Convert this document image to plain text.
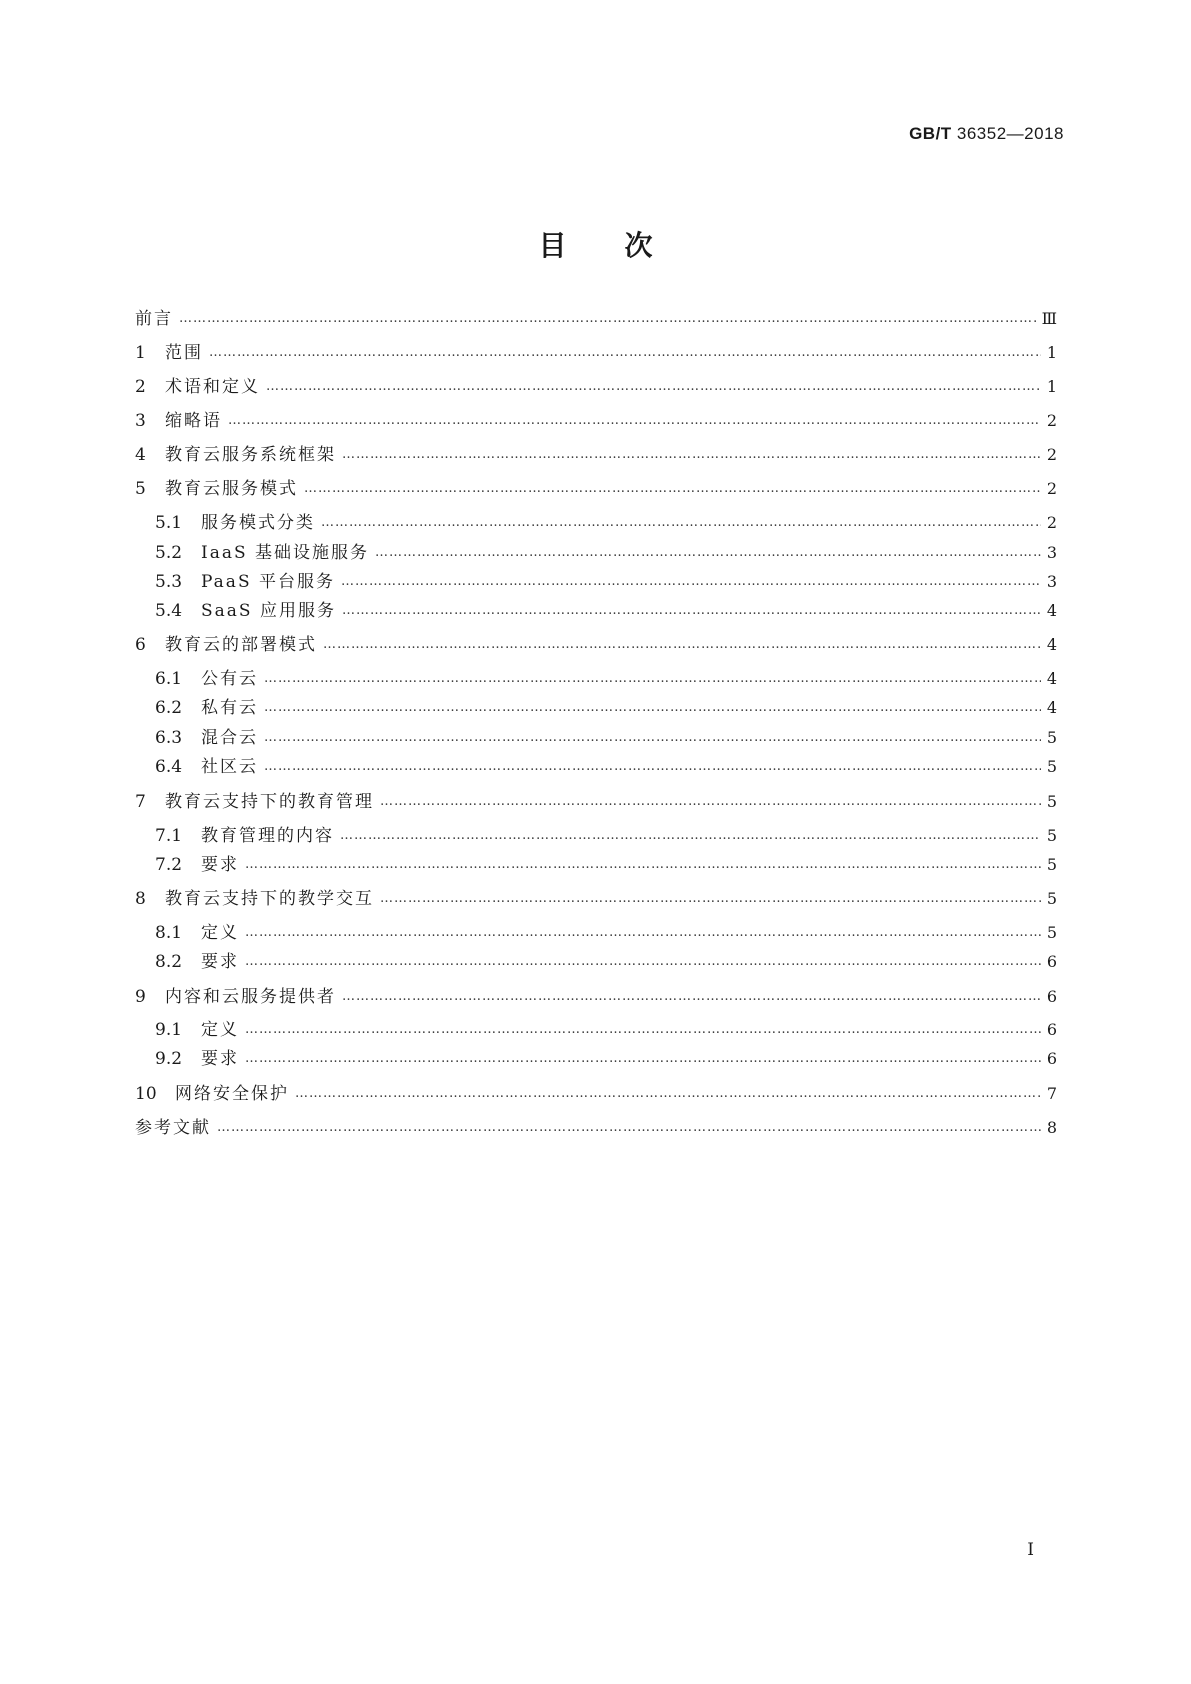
GB/T 36352—2018
目次
前言 …………………………………………………………………………………………………………………………………………………………………………………………………………………………………………………………………	Ⅲ
1	范围 …………………………………………………………………………………………………………………………………………………………………………………………………………………………………………………………………	1
2	术语和定义 …………………………………………………………………………………………………………………………………………………………………………………………………………………………………………………………………	1
3	缩略语 …………………………………………………………………………………………………………………………………………………………………………………………………………………………………………………………………	2
4	教育云服务系统框架 …………………………………………………………………………………………………………………………………………………………………………………………………………………………………………………………………	2
5	教育云服务模式 …………………………………………………………………………………………………………………………………………………………………………………………………………………………………………………………………	2
5.1	服务模式分类 …………………………………………………………………………………………………………………………………………………………………………………………………………………………………………………………………	2
5.2	IaaS 基础设施服务 …………………………………………………………………………………………………………………………………………………………………………………………………………………………………………………………………	3
5.3	PaaS 平台服务 …………………………………………………………………………………………………………………………………………………………………………………………………………………………………………………………………	3
5.4	SaaS 应用服务 …………………………………………………………………………………………………………………………………………………………………………………………………………………………………………………………………	4
6	教育云的部署模式 …………………………………………………………………………………………………………………………………………………………………………………………………………………………………………………………………	4
6.1	公有云 …………………………………………………………………………………………………………………………………………………………………………………………………………………………………………………………………	4
6.2	私有云 …………………………………………………………………………………………………………………………………………………………………………………………………………………………………………………………………	4
6.3	混合云 …………………………………………………………………………………………………………………………………………………………………………………………………………………………………………………………………	5
6.4	社区云 …………………………………………………………………………………………………………………………………………………………………………………………………………………………………………………………………	5
7	教育云支持下的教育管理 …………………………………………………………………………………………………………………………………………………………………………………………………………………………………………………………………	5
7.1	教育管理的内容 …………………………………………………………………………………………………………………………………………………………………………………………………………………………………………………………………	5
7.2	要求 …………………………………………………………………………………………………………………………………………………………………………………………………………………………………………………………………	5
8	教育云支持下的教学交互 …………………………………………………………………………………………………………………………………………………………………………………………………………………………………………………………………	5
8.1	定义 …………………………………………………………………………………………………………………………………………………………………………………………………………………………………………………………………	5
8.2	要求 …………………………………………………………………………………………………………………………………………………………………………………………………………………………………………………………………	6
9	内容和云服务提供者 …………………………………………………………………………………………………………………………………………………………………………………………………………………………………………………………………	6
9.1	定义 …………………………………………………………………………………………………………………………………………………………………………………………………………………………………………………………………	6
9.2	要求 …………………………………………………………………………………………………………………………………………………………………………………………………………………………………………………………………	6
10	网络安全保护 …………………………………………………………………………………………………………………………………………………………………………………………………………………………………………………………………	7
参考文献 …………………………………………………………………………………………………………………………………………………………………………………………………………………………………………………………………	8
I
